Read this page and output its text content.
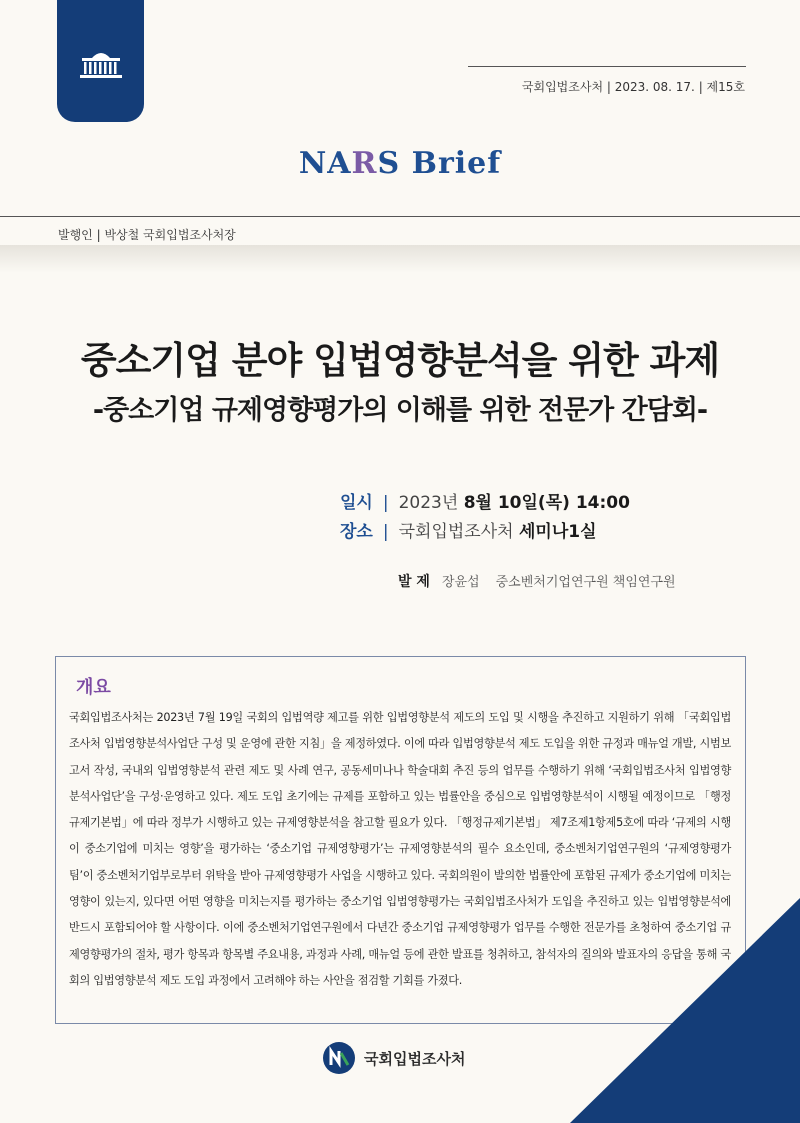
국회입법조사처 | 2023. 08. 17. | 제15호
NARS Brief
발행인 | 박상철 국회입법조사처장
중소기업 분야 입법영향분석을 위한 과제
-중소기업 규제영향평가의 이해를 위한 전문가 간담회-
일시 | 2023년 8월 10일(목) 14:00
장소 | 국회입법조사처 세미나1실
발 제 장윤섭 중소벤처기업연구원 책임연구원
개요

국회입법조사처는 2023년 7월 19일 국회의 입법역량 제고를 위한 입법영향분석 제도의 도입 및 시행을 추진하고 지원하기 위해 「국회입법조사처 입법영향분석사업단 구성 및 운영에 관한 지침」을 제정하였다. 이에 따라 입법영향분석 제도 도입을 위한 규정과 매뉴얼 개발, 시범보고서 작성, 국내외 입법영향분석 관련 제도 및 사례 연구, 공동세미나나 학술대회 추진 등의 업무를 수행하기 위해 ‘국회입법조사처 입법영향분석사업단’을 구성·운영하고 있다. 제도 도입 초기에는 규제를 포함하고 있는 법률안을 중심으로 입법영향분석이 시행될 예정이므로 「행정규제기본법」에 따라 정부가 시행하고 있는 규제영향분석을 참고할 필요가 있다. 「행정규제기본법」 제7조제1항제5호에 따라 ‘규제의 시행이 중소기업에 미치는 영향’을 평가하는 ‘중소기업 규제영향평가’는 규제영향분석의 필수 요소인데, 중소벤처기업연구원의 ‘규제영향평가팀’이 중소벤처기업부로부터 위탁을 받아 규제영향평가 사업을 시행하고 있다. 국회의원이 발의한 법률안에 포함된 규제가 중소기업에 미치는 영향이 있는지, 있다면 어떤 영향을 미치는지를 평가하는 중소기업 입법영향평가는 국회입법조사처가 도입을 추진하고 있는 입법영향분석에 반드시 포함되어야 할 사항이다. 이에 중소벤처기업연구원에서 다년간 중소기업 규제영향평가 업무를 수행한 전문가를 초청하여 중소기업 규제영향평가의 절차, 평가 항목과 항목별 주요내용, 과정과 사례, 매뉴얼 등에 관한 발표를 청취하고, 참석자의 질의와 발표자의 응답을 통해 국회의 입법영향분석 제도 도입 과정에서 고려해야 하는 사안을 점검할 기회를 가졌다.

국회입법조사처
